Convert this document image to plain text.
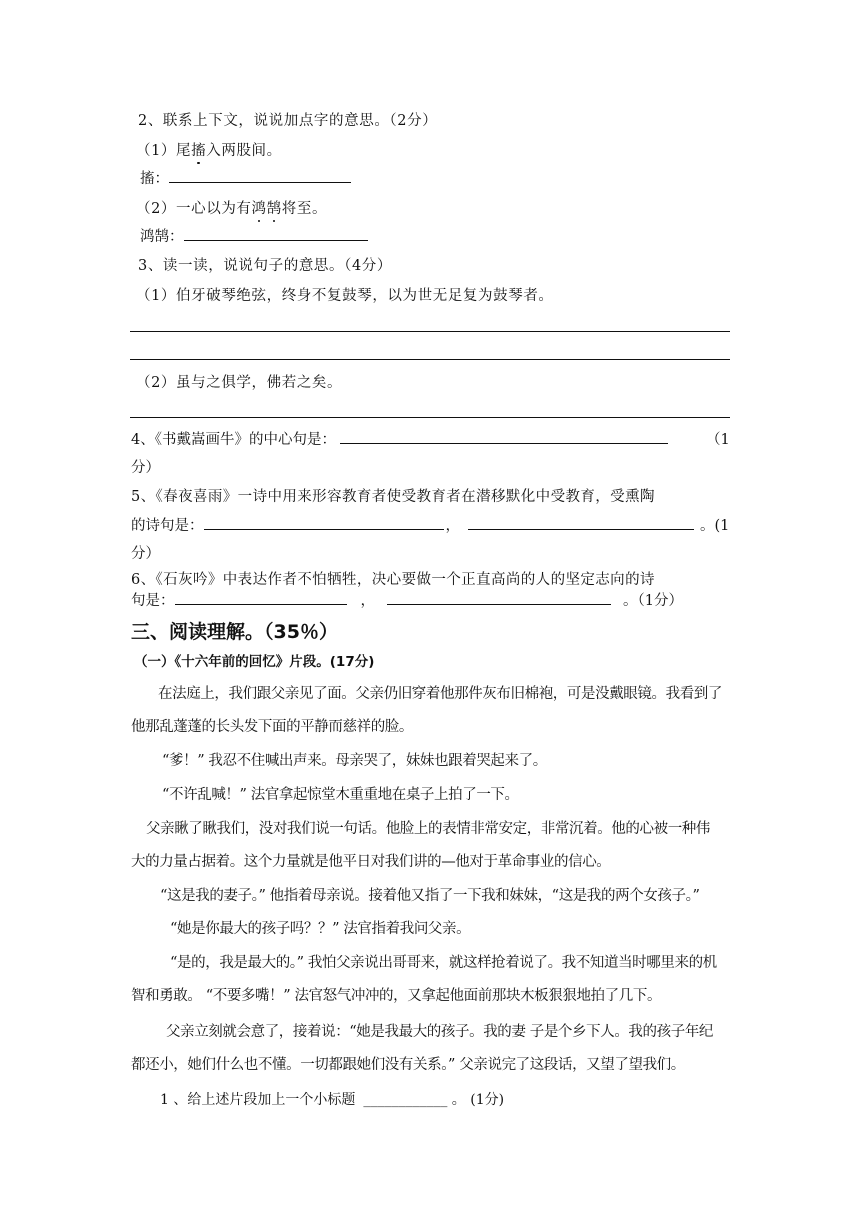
2、联系上下文，说说加点字的意思。（2分）
（1）尾搐入两股间。
搐：
（2）一心以为有鸿鹄将至。
鸿鹄：
3、读一读，说说句子的意思。（4分）
（1）伯牙破琴绝弦，终身不复鼓琴，以为世无足复为鼓琴者。
（2）虽与之俱学，佛若之矣。
4、《书戴嵩画牛》的中心句是：	（1
分）
5、《春夜喜雨》一诗中用来形容教育者使受教育者在潜移默化中受教育，受熏陶
的诗句是：	，	。(1
分）
6、《石灰吟》中表达作者不怕牺牲，决心要做一个正直高尚的人的坚定志向的诗
句是：	，	。（1分）
三、阅读理解。（35％）
（一）《十六年前的回忆》片段。(17分)
在法庭上，我们跟父亲见了面。父亲仍旧穿着他那件灰布旧棉袍，可是没戴眼镜。我看到了
他那乱蓬蓬的长头发下面的平静而慈祥的脸。
“爹！” 我忍不住喊出声来。母亲哭了，妹妹也跟着哭起来了。
“不许乱喊！” 法官拿起惊堂木重重地在桌子上拍了一下。
父亲瞅了瞅我们，没对我们说一句话。他脸上的表情非常安定，非常沉着。他的心被一种伟
大的力量占据着。这个力量就是他平日对我们讲的—他对于革命事业的信心。
“这是我的妻子。” 他指着母亲说。接着他又指了一下我和妹妹，“这是我的两个女孩子。”
“她是你最大的孩子吗？？” 法官指着我问父亲。
“是的，我是最大的。” 我怕父亲说出哥哥来，就这样抢着说了。我不知道当时哪里来的机
智和勇敢。 “不要多嘴！” 法官怒气冲冲的，又拿起他面前那块木板狠狠地拍了几下。
父亲立刻就会意了，接着说：“她是我最大的孩子。我的妻 子是个乡下人。我的孩子年纪
都还小，她们什么也不懂。一切都跟她们没有关系。” 父亲说完了这段话，又望了望我们。
1 、给上述片段加上一个小标题 ____________ 。 (1分)
